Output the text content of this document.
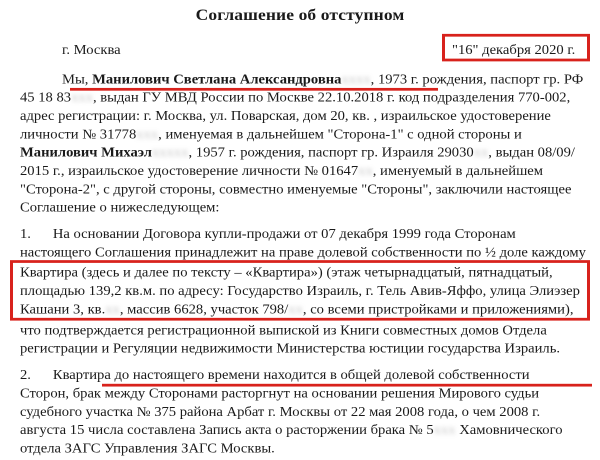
Соглашение об отступном
г. Москва	"16" декабря 2020 г.
Мы, Манилович Светлана Александровнаxxxx, 1973 г. рождения, паспорт гр. РФ
45 18 83xxx, выдан ГУ МВД России по Москве 22.10.2018 г. код подразделения 770-002,
адрес регистрации: г. Москва, ул. Поварская, дом 20, кв. , израильское удостоверение
личности № 31778xxx, именуемая в дальнейшем "Сторона-1" с одной стороны и
Манилович Михаэлxxxxx, 1957 г. рождения, паспорт гр. Израиля 29030xx, выдан 08/09/
2015 г., израильское удостоверение личности № 01647xx, именуемый в дальнейшем
"Сторона-2", с другой стороны, совместно именуемые "Стороны", заключили настоящее
Соглашение о нижеследующем:
1.      На основании Договора купли-продажи от 07 декабря 1999 года Сторонам
настоящего Соглашения принадлежит на праве долевой собственности по ½ доле каждому
Квартира (здесь и далее по тексту – «Квартира») (этаж четырнадцатый, пятнадцатый,
площадью 139,2 кв.м. по адресу: Государство Израиль, г. Тель Авив-Яффо, улица Элиэзер
Кашани 3, кв.xx, массив 6628, участок 798/xx, со всеми пристройками и приложениями),
что подтверждается регистрационной выпиской из Книги совместных домов Отдела
регистрации и Регуляции недвижимости Министерства юстиции государства Израиль.
2.      Квартира до настоящего времени находится в общей долевой собственности
Сторон, брак между Сторонами расторгнут на основании решения Мирового судьи
судебного участка № 375 района Арбат г. Москвы от 22 мая 2008 года, о чем 2008 г.
августа 15 числа составлена Запись акта о расторжении брака № 5xxx Хамовнического
отдела ЗАГС Управления ЗАГС Москвы.
